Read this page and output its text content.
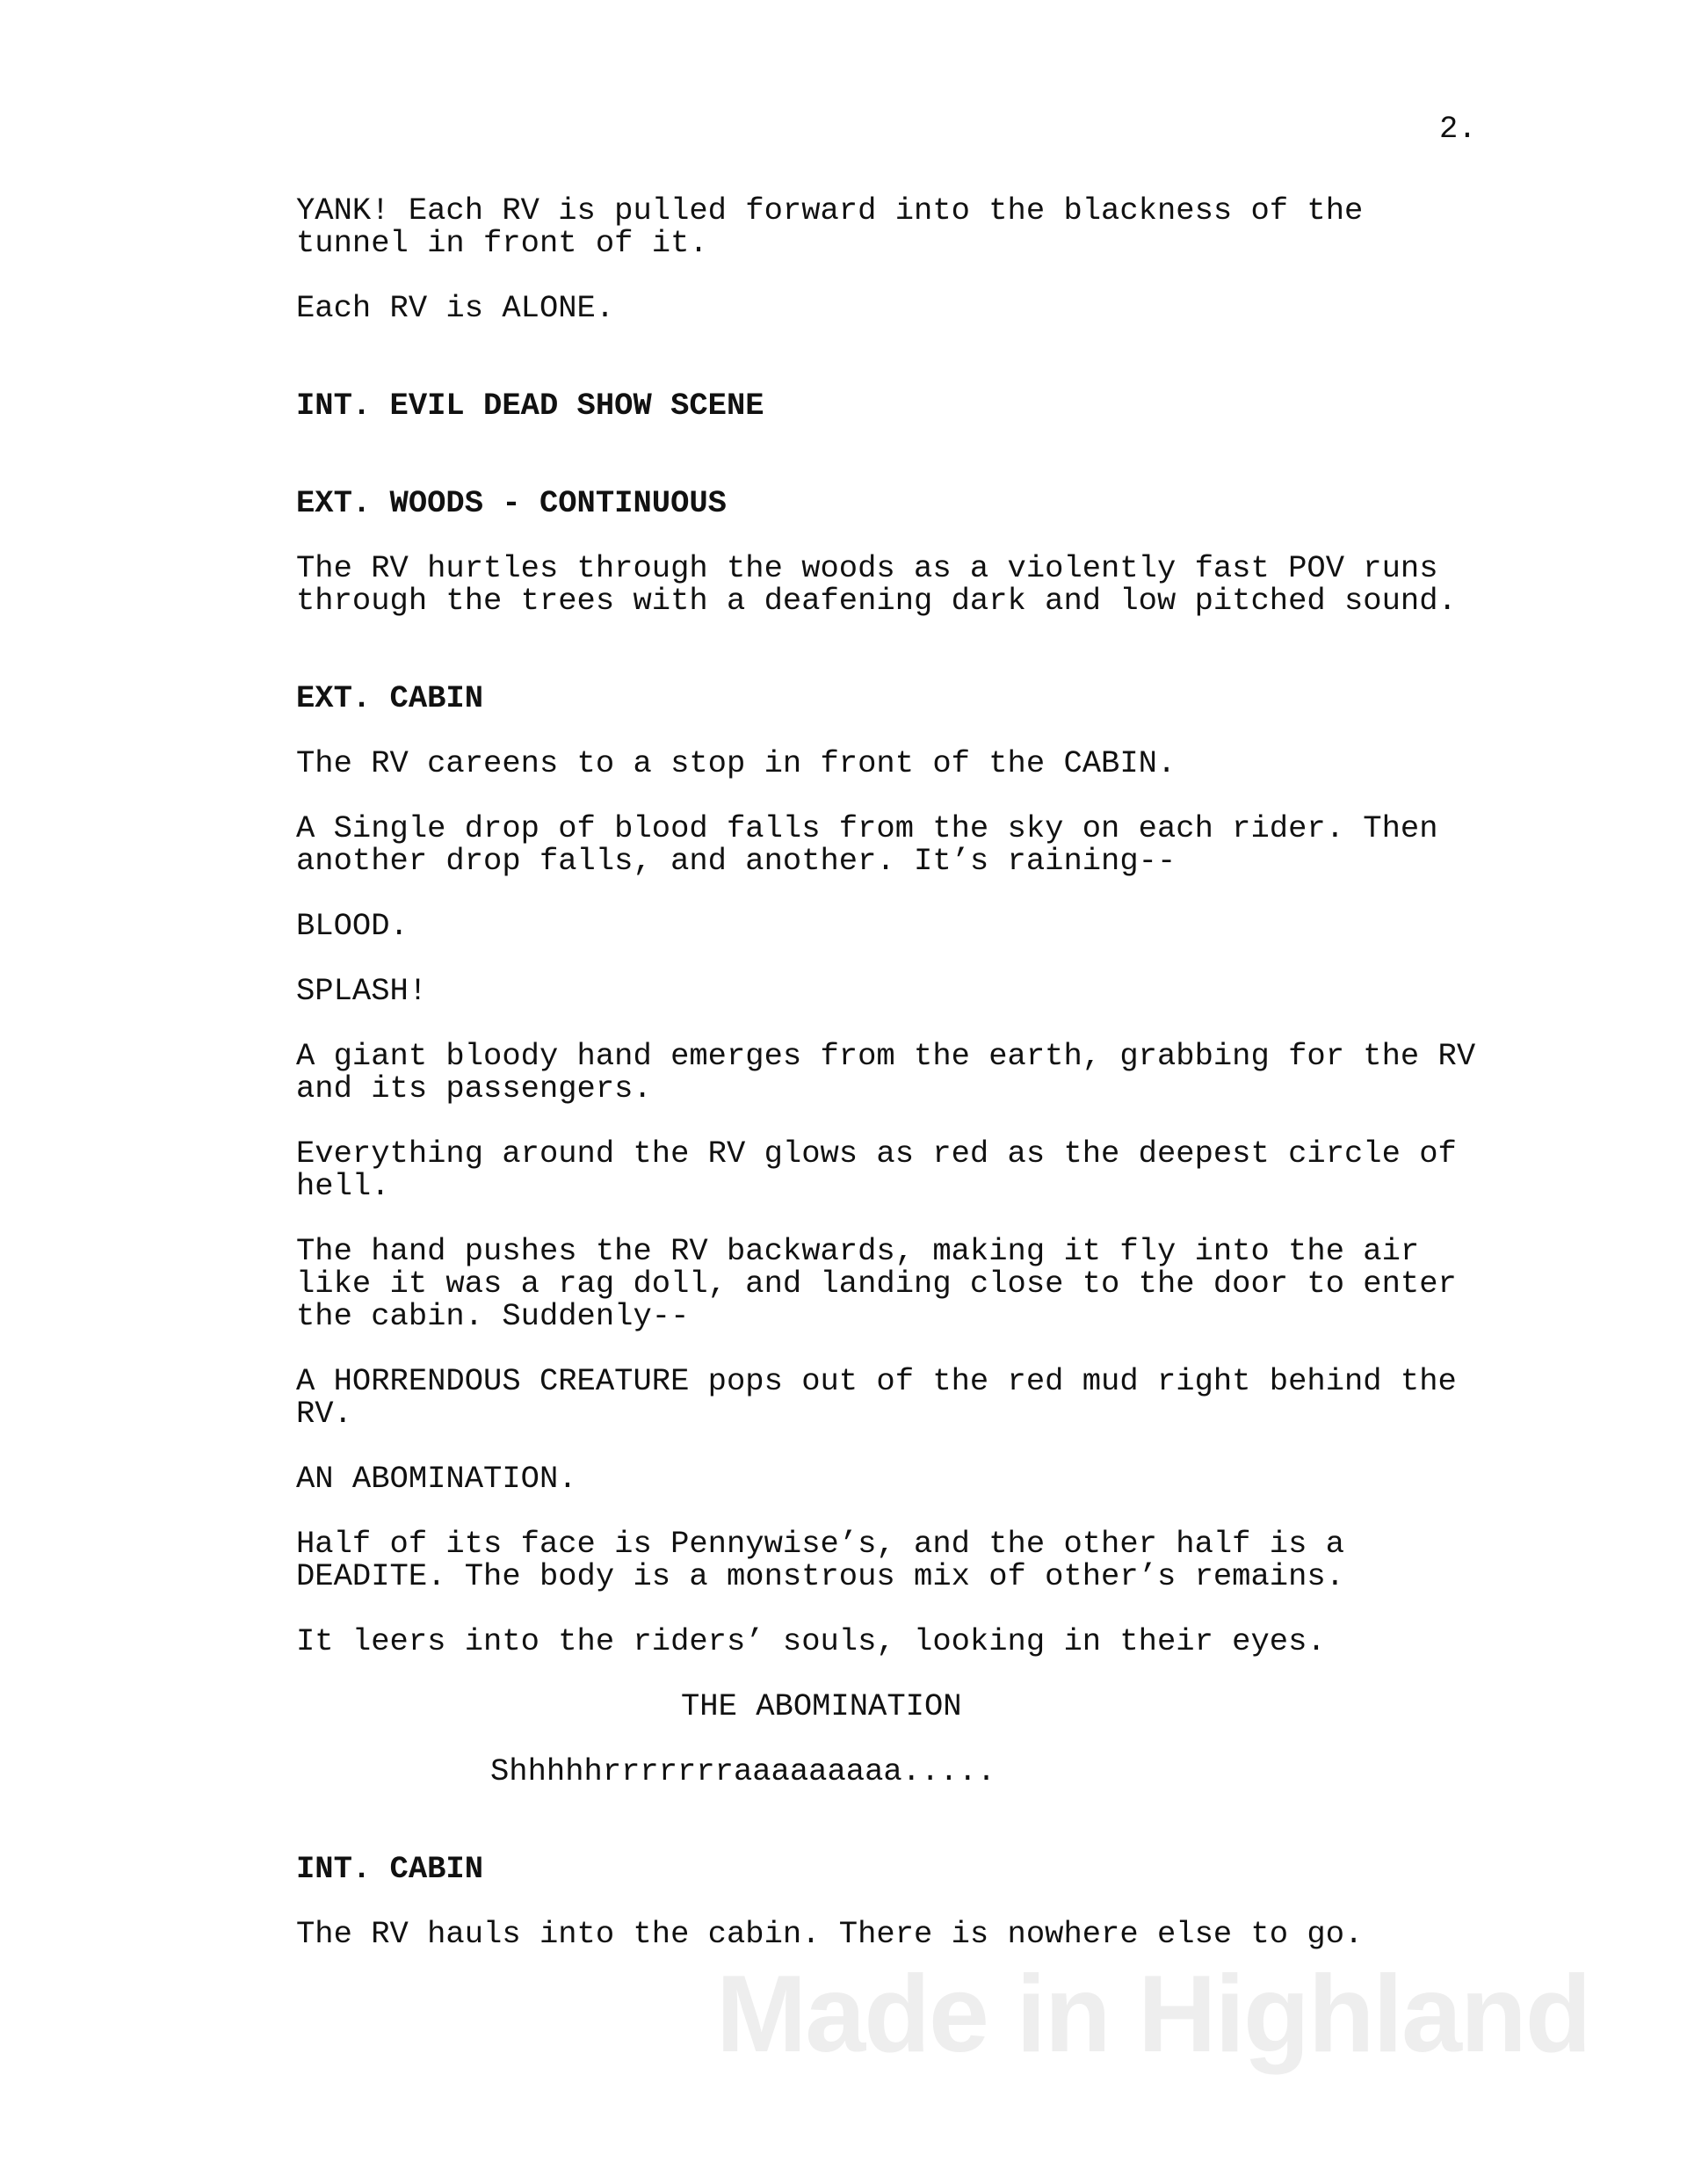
2.
YANK! Each RV is pulled forward into the blackness of the
tunnel in front of it.
Each RV is ALONE.
INT. EVIL DEAD SHOW SCENE
EXT. WOODS - CONTINUOUS
The RV hurtles through the woods as a violently fast POV runs
through the trees with a deafening dark and low pitched sound.
EXT. CABIN
The RV careens to a stop in front of the CABIN.
A Single drop of blood falls from the sky on each rider. Then
another drop falls, and another. It’s raining--
BLOOD.
SPLASH!
A giant bloody hand emerges from the earth, grabbing for the RV
and its passengers.
Everything around the RV glows as red as the deepest circle of
hell.
The hand pushes the RV backwards, making it fly into the air
like it was a rag doll, and landing close to the door to enter
the cabin. Suddenly--
A HORRENDOUS CREATURE pops out of the red mud right behind the
RV.
AN ABOMINATION.
Half of its face is Pennywise’s, and the other half is a
DEADITE. The body is a monstrous mix of other’s remains.
It leers into the riders’ souls, looking in their eyes.
THE ABOMINATION
Shhhhhrrrrrrraaaaaaaaa.....
INT. CABIN
The RV hauls into the cabin. There is nowhere else to go.
Made in Highland
